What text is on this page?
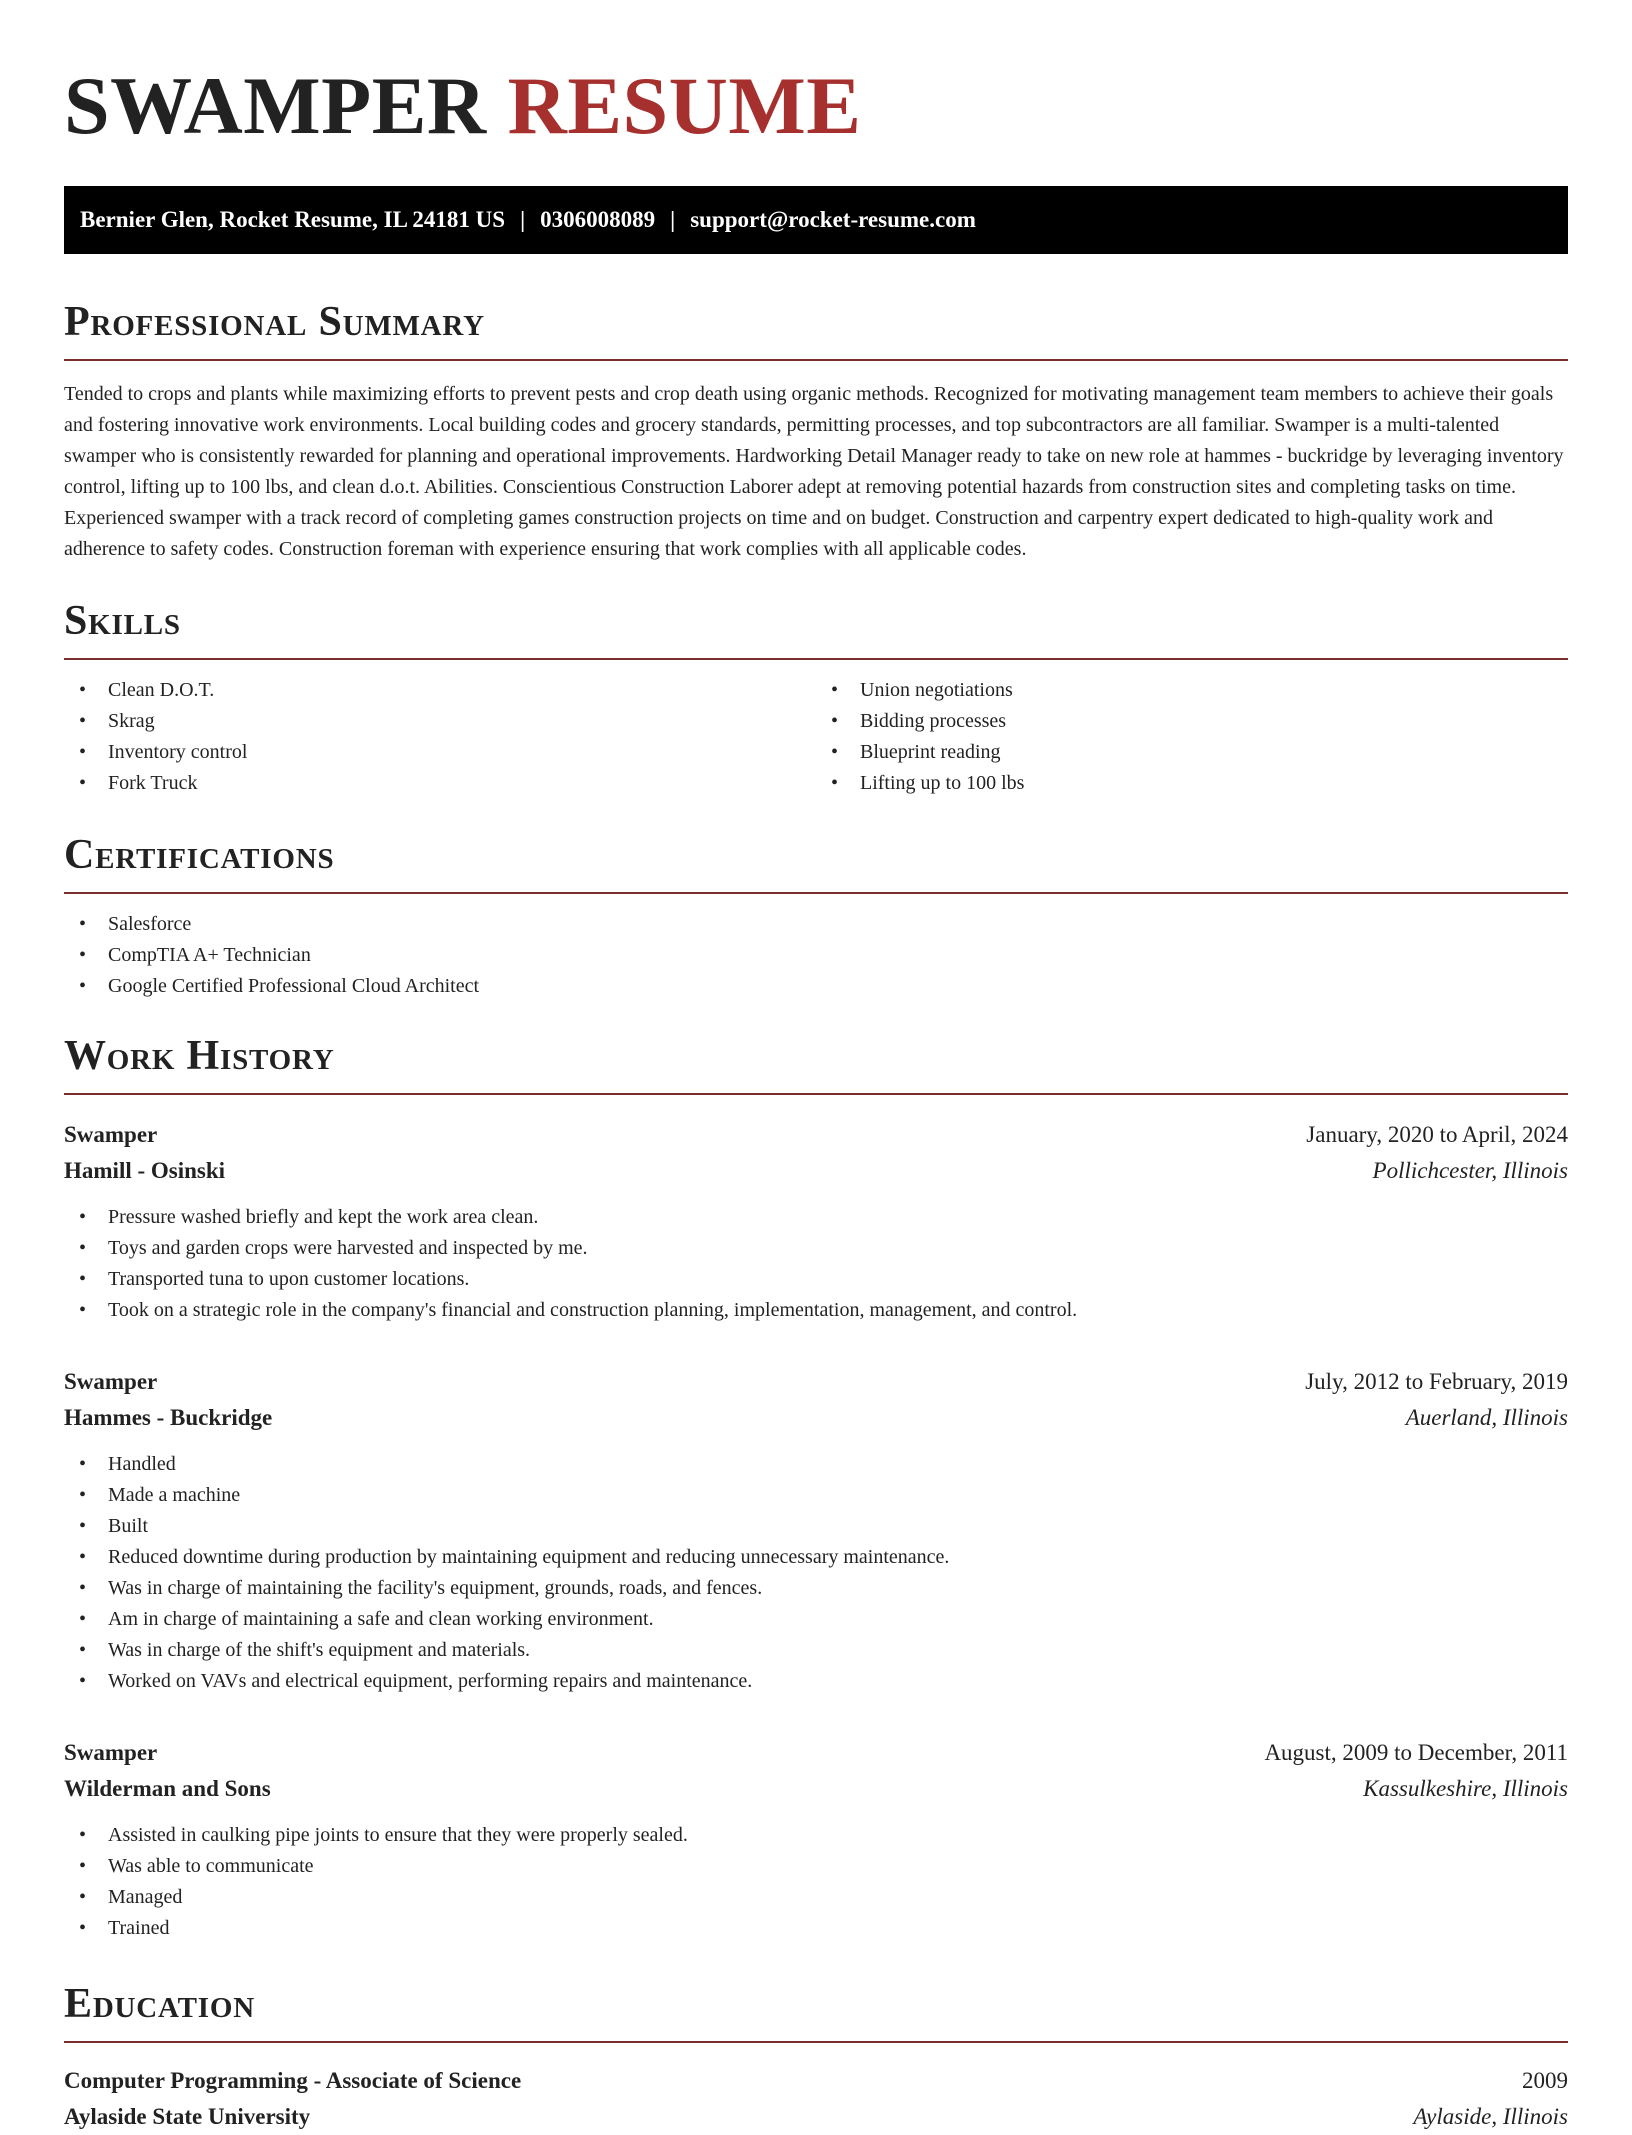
SWAMPER RESUME
Bernier Glen, Rocket Resume, IL 24181 US | 0306008089 | support@rocket-resume.com
Professional Summary

Tended to crops and plants while maximizing efforts to prevent pests and crop death using organic methods. Recognized for motivating management team members to achieve their goals and fostering innovative work environments. Local building codes and grocery standards, permitting processes, and top subcontractors are all familiar. Swamper is a multi-talented swamper who is consistently rewarded for planning and operational improvements. Hardworking Detail Manager ready to take on new role at hammes - buckridge by leveraging inventory control, lifting up to 100 lbs, and clean d.o.t. Abilities. Conscientious Construction Laborer adept at removing potential hazards from construction sites and completing tasks on time. Experienced swamper with a track record of completing games construction projects on time and on budget. Construction and carpentry expert dedicated to high-quality work and adherence to safety codes. Construction foreman with experience ensuring that work complies with all applicable codes.

Skills
• Clean D.O.T.
• Skrag
• Inventory control
• Fork Truck
• Union negotiations
• Bidding processes
• Blueprint reading
• Lifting up to 100 lbs
Certifications
• Salesforce
• CompTIA A+ Technician
• Google Certified Professional Cloud Architect
Work History
Swamper	January, 2020 to April, 2024
Hamill - Osinski	Pollichcester, Illinois
• Pressure washed briefly and kept the work area clean.
• Toys and garden crops were harvested and inspected by me.
• Transported tuna to upon customer locations.
• Took on a strategic role in the company's financial and construction planning, implementation, management, and control.
Swamper	July, 2012 to February, 2019
Hammes - Buckridge	Auerland, Illinois
• Handled
• Made a machine
• Built
• Reduced downtime during production by maintaining equipment and reducing unnecessary maintenance.
• Was in charge of maintaining the facility's equipment, grounds, roads, and fences.
• Am in charge of maintaining a safe and clean working environment.
• Was in charge of the shift's equipment and materials.
• Worked on VAVs and electrical equipment, performing repairs and maintenance.
Swamper	August, 2009 to December, 2011
Wilderman and Sons	Kassulkeshire, Illinois
• Assisted in caulking pipe joints to ensure that they were properly sealed.
• Was able to communicate
• Managed
• Trained
Education
Computer Programming - Associate of Science	2009
Aylaside State University	Aylaside, Illinois
